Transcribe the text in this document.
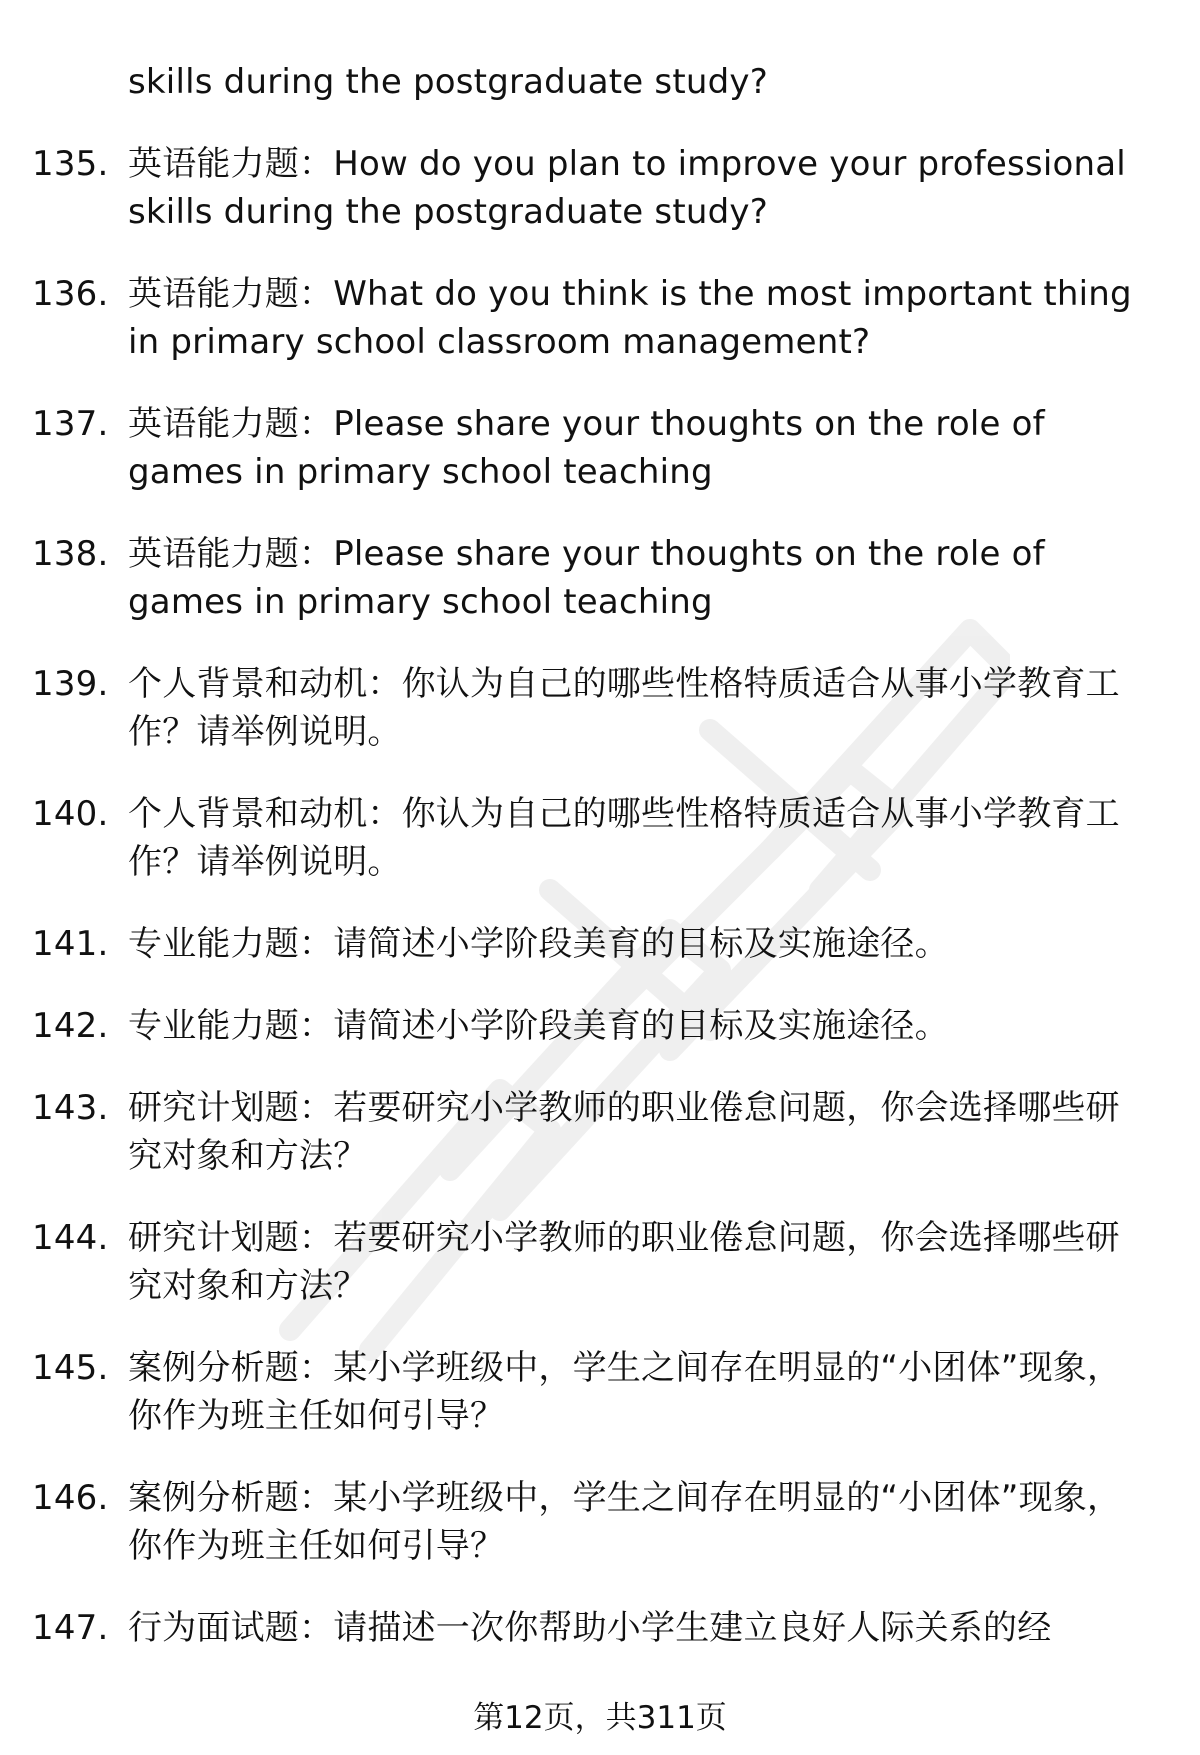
skills during the postgraduate study?
135. 英语能力题：How do you plan to improve your professional skills during the postgraduate study?
136. 英语能力题：What do you think is the most important thing in primary school classroom management?
137. 英语能力题：Please share your thoughts on the role of games in primary school teaching
138. 英语能力题：Please share your thoughts on the role of games in primary school teaching
139. 个人背景和动机：你认为自己的哪些性格特质适合从事小学教育工作？请举例说明。
140. 个人背景和动机：你认为自己的哪些性格特质适合从事小学教育工作？请举例说明。
141. 专业能力题：请简述小学阶段美育的目标及实施途径。
142. 专业能力题：请简述小学阶段美育的目标及实施途径。
143. 研究计划题：若要研究小学教师的职业倦怠问题，你会选择哪些研究对象和方法？
144. 研究计划题：若要研究小学教师的职业倦怠问题，你会选择哪些研究对象和方法？
145. 案例分析题：某小学班级中，学生之间存在明显的“小团体”现象，你作为班主任如何引导？
146. 案例分析题：某小学班级中，学生之间存在明显的“小团体”现象，你作为班主任如何引导？
147. 行为面试题：请描述一次你帮助小学生建立良好人际关系的经
第12页，共311页
